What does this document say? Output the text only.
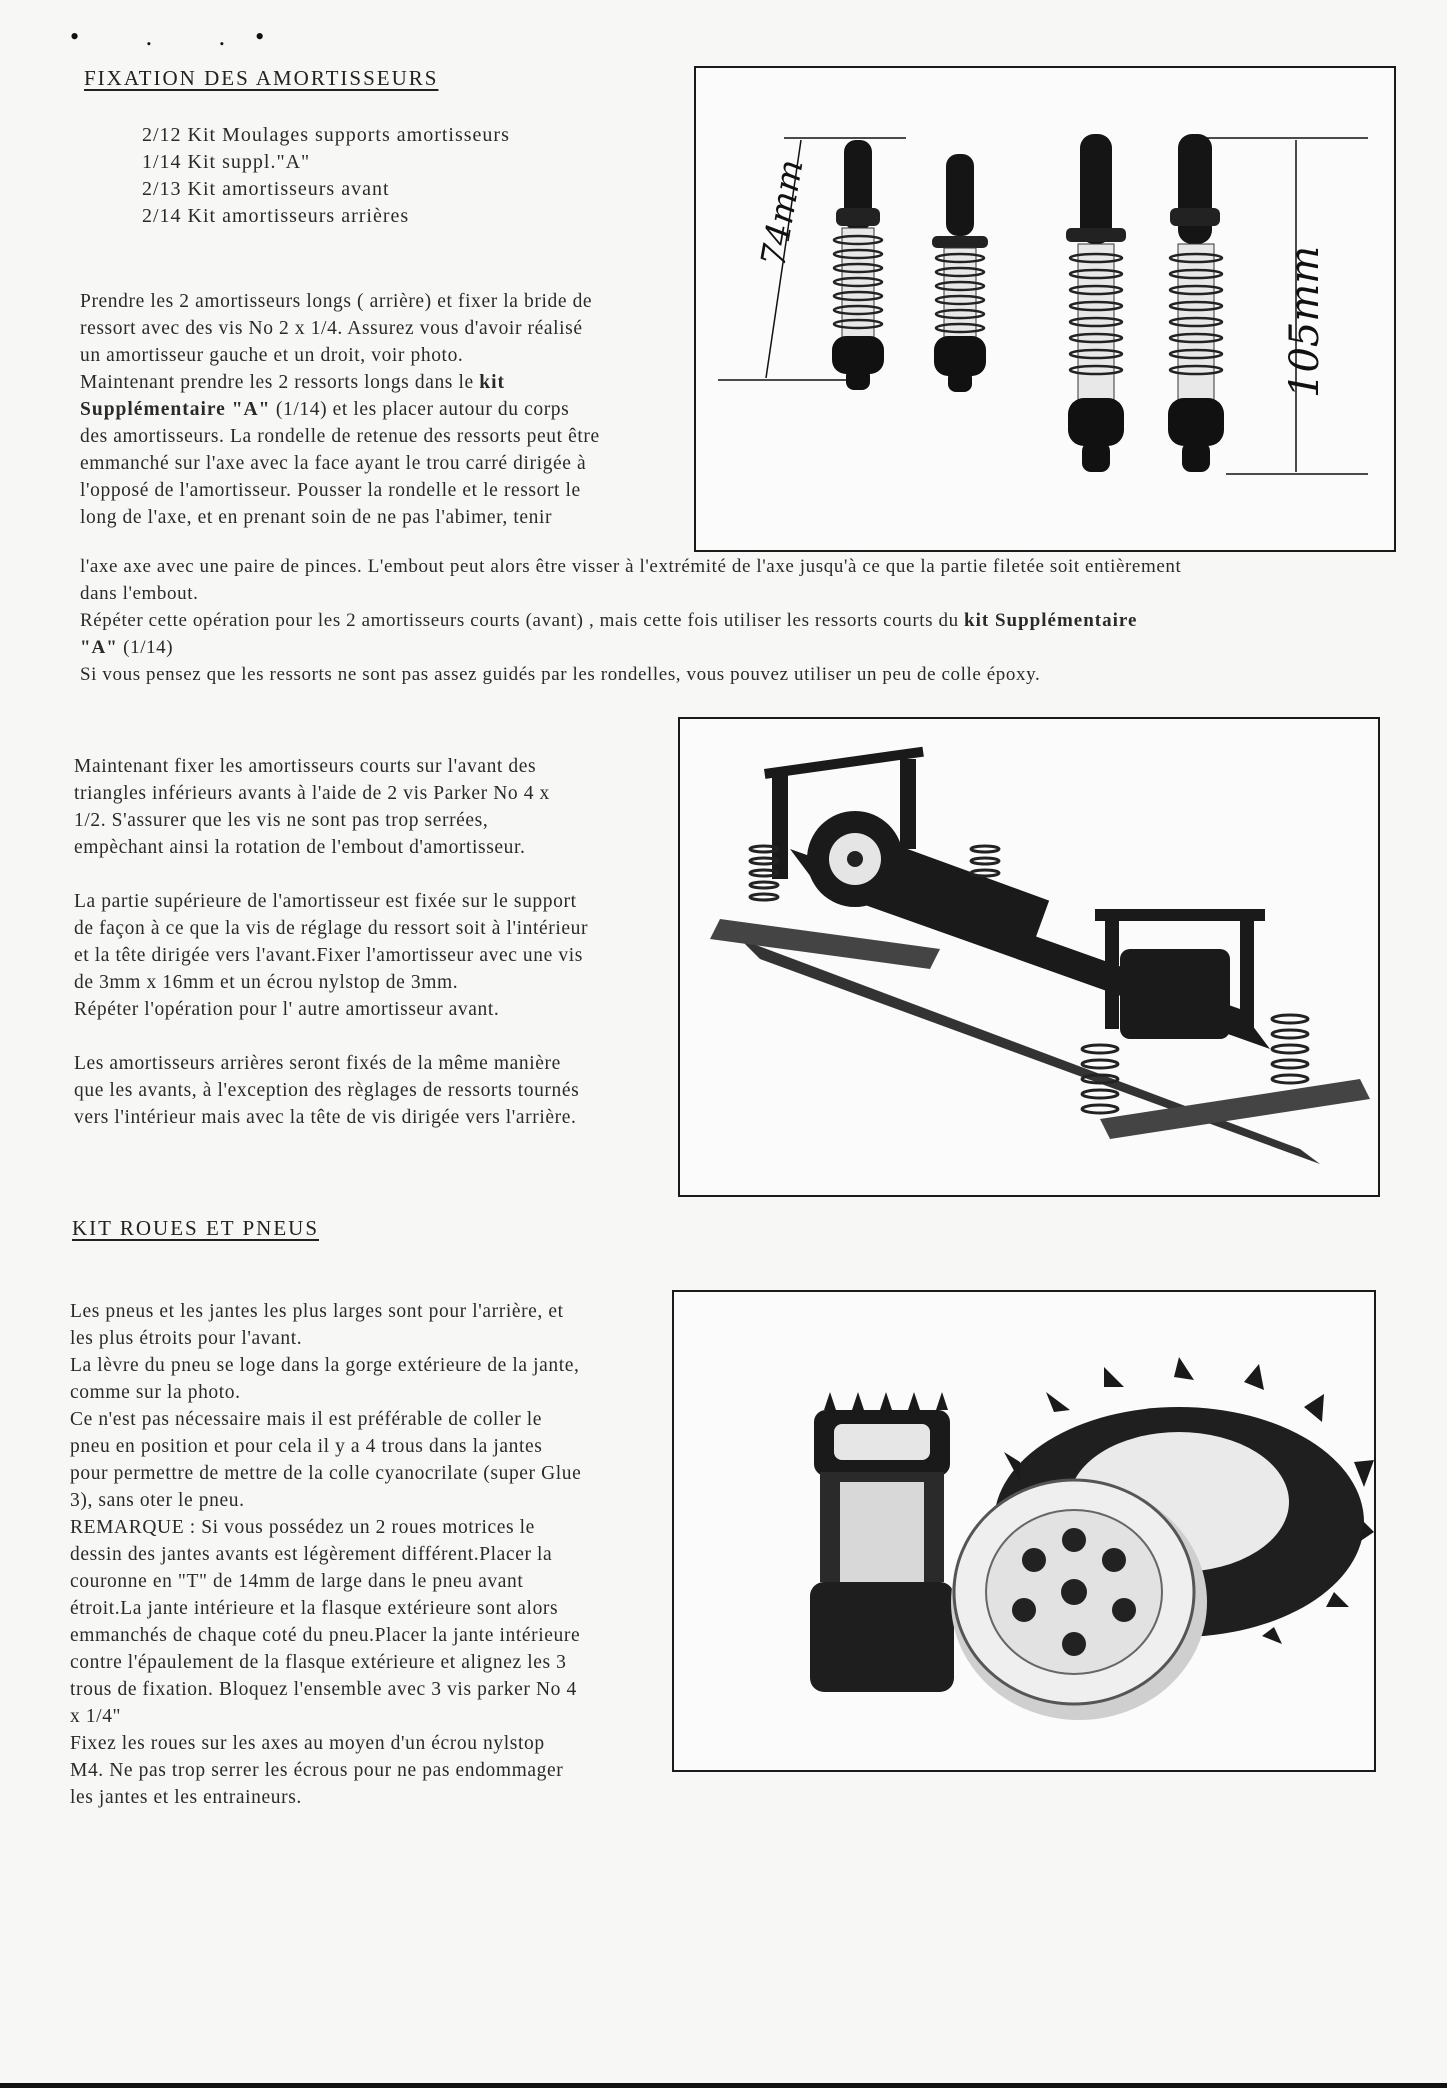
• . .•
FIXATION DES AMORTISSEURS
2/12 Kit Moulages supports amortisseurs
1/14 Kit suppl."A"
2/13 Kit amortisseurs avant
2/14 Kit amortisseurs arrières

Prendre les 2 amortisseurs longs ( arrière) et fixer la bride de

ressort avec des vis No 2 x 1/4. Assurez vous d'avoir réalisé

un amortisseur gauche et un droit, voir photo.

Maintenant prendre les 2 ressorts longs dans le kit

Supplémentaire "A" (1/14) et les placer autour du corps

des amortisseurs. La rondelle de retenue des ressorts peut être

emmanché sur l'axe avec la face ayant le trou carré dirigée à

l'opposé de l'amortisseur. Pousser la rondelle et le ressort le

long de l'axe, et en prenant soin de ne pas l'abimer, tenir

l'axe axe avec une paire de pinces. L'embout peut alors être visser à l'extrémité de l'axe jusqu'à ce que la partie filetée soit entièrement

dans l'embout.

Répéter cette opération pour les 2 amortisseurs courts (avant) , mais cette fois utiliser les ressorts courts du kit Supplémentaire

"A" (1/14)

Si vous pensez que les ressorts ne sont pas assez guidés par les rondelles, vous pouvez utiliser un peu de colle époxy.

74mm
105mm

Maintenant fixer les amortisseurs courts sur l'avant des

triangles inférieurs avants à l'aide de 2 vis Parker No 4 x

1/2. S'assurer que les vis ne sont pas trop serrées,

empèchant ainsi la rotation de l'embout d'amortisseur.

La partie supérieure de l'amortisseur est fixée sur le support

de façon à ce que la vis de réglage du ressort soit à l'intérieur

et la tête dirigée vers l'avant.Fixer l'amortisseur avec une vis

de 3mm x 16mm et un écrou nylstop de 3mm.

Répéter l'opération pour l' autre amortisseur avant.

Les amortisseurs arrières seront fixés de la même manière

que les avants, à l'exception des règlages de ressorts tournés

vers l'intérieur mais avec la tête de vis dirigée vers l'arrière.

KIT ROUES ET PNEUS

Les pneus et les jantes les plus larges sont pour l'arrière, et

les plus étroits pour l'avant.

La lèvre du pneu se loge dans la gorge extérieure de la jante,

comme sur la photo.

Ce n'est pas nécessaire mais il est préférable de coller le

pneu en position et pour cela il y a 4 trous dans la jantes

pour permettre de mettre de la colle cyanocrilate (super Glue

3), sans oter le pneu.

REMARQUE : Si vous possédez un 2 roues motrices le

dessin des jantes avants est légèrement différent.Placer la

couronne en "T" de 14mm de large dans le pneu avant

étroit.La jante intérieure et la flasque extérieure sont alors

emmanchés de chaque coté du pneu.Placer la jante intérieure

contre l'épaulement de la flasque extérieure et alignez les 3

trous de fixation. Bloquez l'ensemble avec 3 vis parker No 4

x 1/4"

Fixez les roues sur les axes au moyen d'un écrou nylstop

M4. Ne pas trop serrer les écrous pour ne pas endommager

les jantes et les entraineurs.
